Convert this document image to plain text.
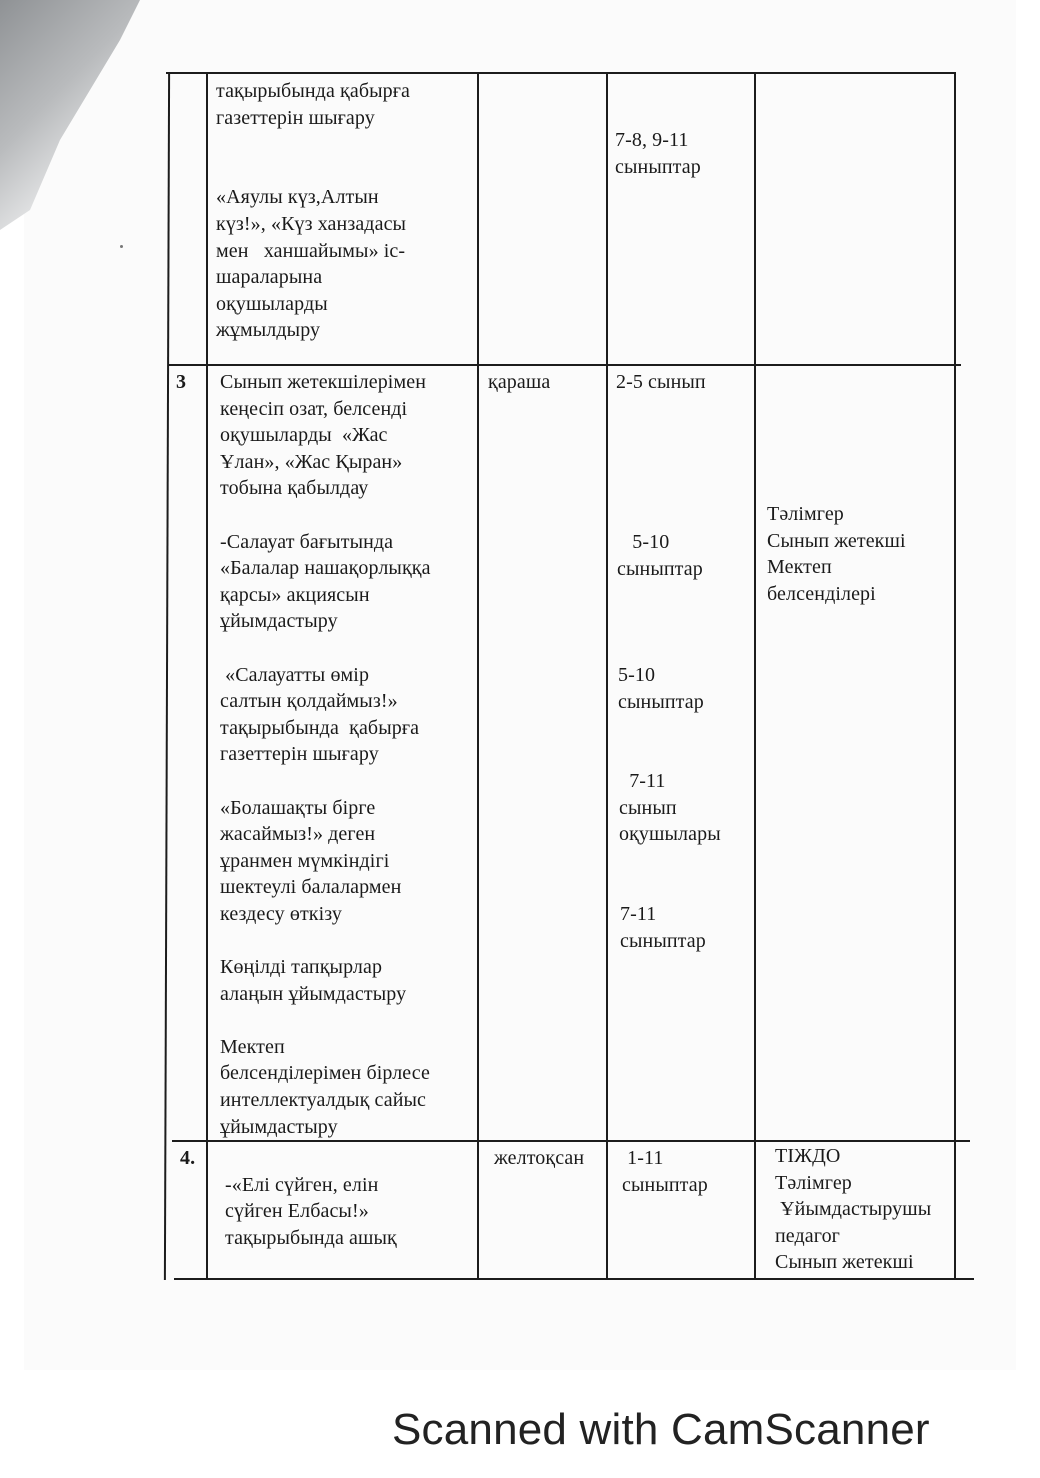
тақырыбында қабырға
газеттерін шығару

«Аяулы күз,Алтын
күз!», «Күз ханзадасы
мен   ханшайымы» іс-
шараларына
оқушыларды
жұмылдыру
7-8, 9-11
сыныптар
3 Сынып жетекшілерімен
кеңесіп озат, белсенді
оқушыларды  «Жас
Ұлан», «Жас Қыран»
тобына қабылдау

-Салауат бағытында
«Балалар нашақорлыққа
қарсы» акциясын
ұйымдастыру

«Салауатты өмір
салтын қолдаймыз!»
тақырыбында  қабырға
газеттерін шығару

«Болашақты бірге
жасаймыз!» деген
ұранмен мүмкіндігі
шектеулі балалармен
кездесу өткізу

Көңілді тапқырлар
алаңын ұйымдастыру

Мектеп
белсенділерімен бірлесе
интеллектуалдық сайыс
ұйымдастыру
қараша	2-5 сынып
5-10
сыныптар
5-10
сыныптар
7-11
сынып
оқушылары
7-11
сыныптар
Тәлімгер
Сынып жетекші
Мектеп
белсенділері
4.

-«Елі сүйген, елін
сүйген Елбасы!»
тақырыбында ашық
желтоқсан 1-11
сыныптар
ТІЖДО
Тәлімгер
Ұйымдастырушы
педагог
Сынып жетекші
Scanned with CamScanner
